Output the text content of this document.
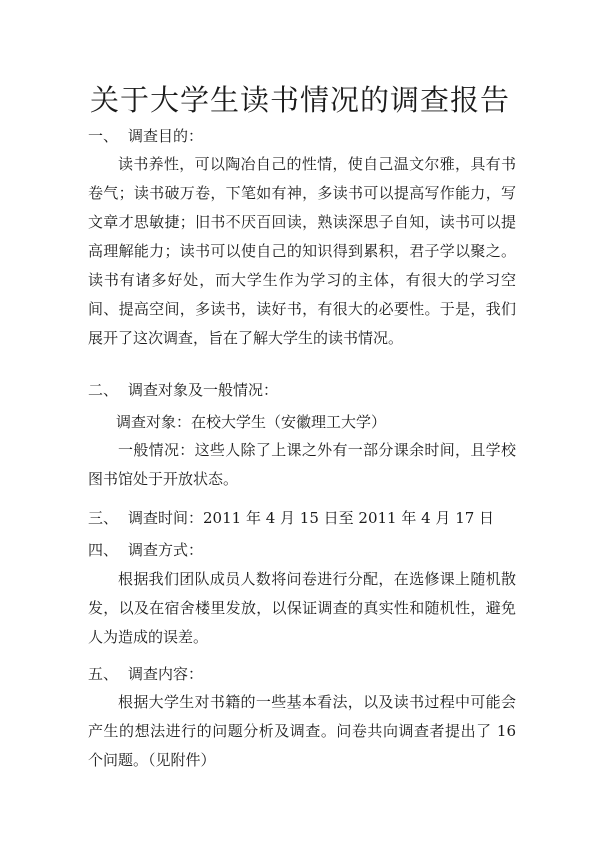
关于大学生读书情况的调查报告
一、 调查目的：

读书养性，可以陶冶自己的性情，使自己温文尔雅，具有书卷气；读书破万卷，下笔如有神，多读书可以提高写作能力，写文章才思敏捷；旧书不厌百回读，熟读深思子自知，读书可以提高理解能力；读书可以使自己的知识得到累积，君子学以聚之。读书有诸多好处，而大学生作为学习的主体，有很大的学习空间、提高空间，多读书，读好书，有很大的必要性。于是，我们展开了这次调查，旨在了解大学生的读书情况。

二、 调查对象及一般情况：
调查对象：在校大学生（安徽理工大学）

一般情况：这些人除了上课之外有一部分课余时间，且学校图书馆处于开放状态。

三、 调查时间：2011 年 4 月 15 日至 2011 年 4 月 17 日
四、 调查方式：

根据我们团队成员人数将问卷进行分配，在选修课上随机散发，以及在宿舍楼里发放，以保证调查的真实性和随机性，避免人为造成的误差。

五、 调查内容：

根据大学生对书籍的一些基本看法，以及读书过程中可能会产生的想法进行的问题分析及调查。问卷共向调查者提出了 16 个问题。（见附件）
